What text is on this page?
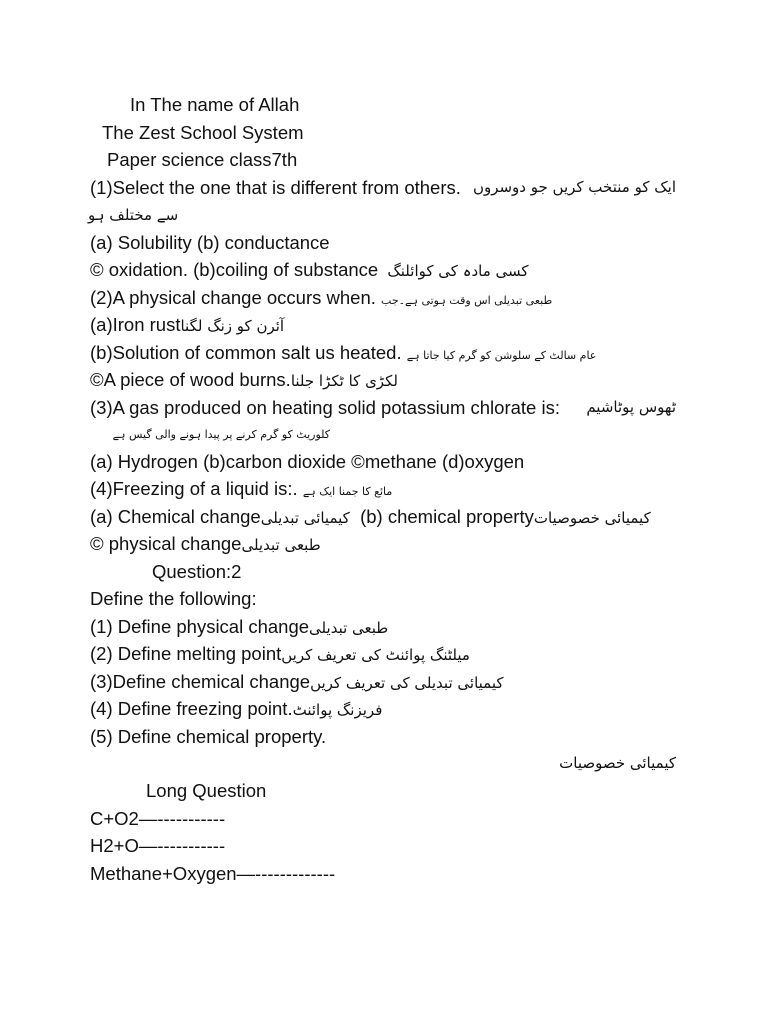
In The name of Allah
The Zest School System
Paper science class7th
(1)Select the one that is different from others. ایک کو منتخب کریں جو دوسروں
سے مختلف ہو
(a) Solubility (b) conductance
© oxidation. (b)coiling of substance کسی مادہ کی کوائلنگ
(2)A physical change occurs when. طبعی تبدیلی اس وقت ہوتی ہے۔جب
(a)Iron rustآئرن کو زنگ لگنا
(b)Solution of common salt us heated. عام سالٹ کے سلوشن کو گرم کیا جاتا ہے
©A piece of wood burns.لکڑی کا ٹکڑا جلنا
(3)A gas produced on heating solid potassium chlorate is: ٹھوس پوٹاشیم
کلوریٹ کو گرم کرنے پر پیدا ہونے والی گیس ہے
(a) Hydrogen (b)carbon dioxide ©methane (d)oxygen
(4)Freezing of a liquid is:. مائع کا جمنا ایک ہے
(a) Chemical changeکیمیائی تبدیلی  (b) chemical propertyکیمیائی خصوصیات
© physical changeطبعی تبدیلی
Question:2
Define the following:
(1) Define physical changeطبعی تبدیلی
(2) Define melting pointمیلٹنگ پوائنٹ کی تعریف کریں
(3)Define chemical changeکیمیائی تبدیلی کی تعریف کریں
(4) Define freezing point.فریزنگ پوائنٹ
(5) Define chemical property.
کیمیائی خصوصیات
Long Question
C+O2—-----------
H2+O—-----------
Methane+Oxygen—-------------
